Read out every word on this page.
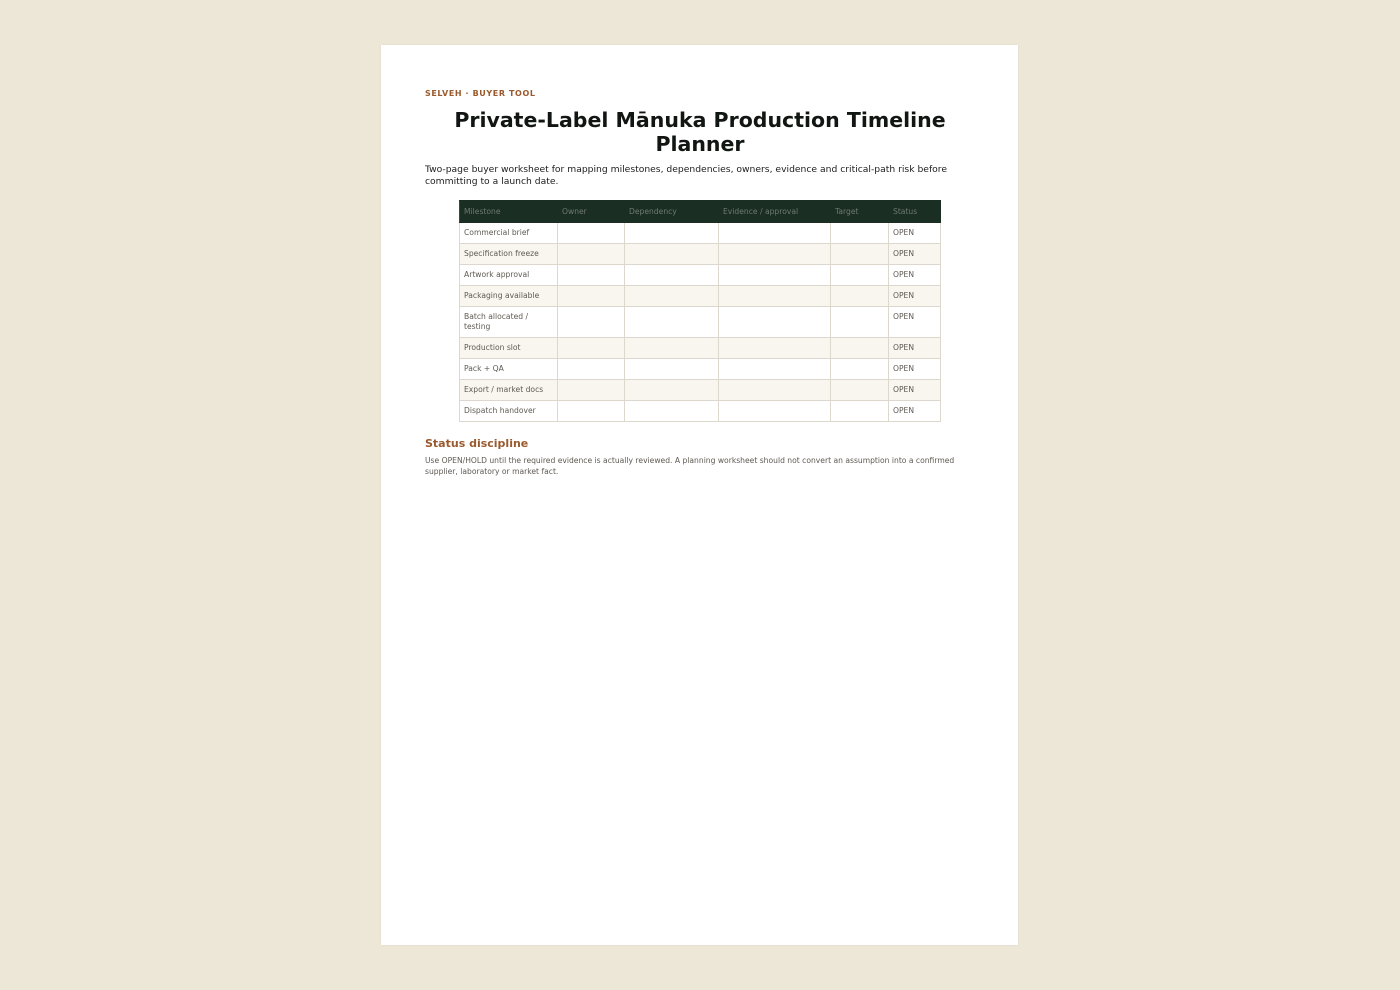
SELVEH · BUYER TOOL

Private-Label Mānuka Production Timeline Planner

Two-page buyer worksheet for mapping milestones, dependencies, owners, evidence and critical-path risk before committing to a launch date.

Milestone	Owner	Dependency	Evidence / approval	Target	Status
Commercial brief					OPEN
Specification freeze					OPEN
Artwork approval					OPEN
Packaging available					OPEN
Batch allocated / testing					OPEN
Production slot					OPEN
Pack + QA					OPEN
Export / market docs					OPEN
Dispatch handover					OPEN
Status discipline

Use OPEN/HOLD until the required evidence is actually reviewed. A planning worksheet should not convert an assumption into a confirmed supplier, laboratory or market fact.
